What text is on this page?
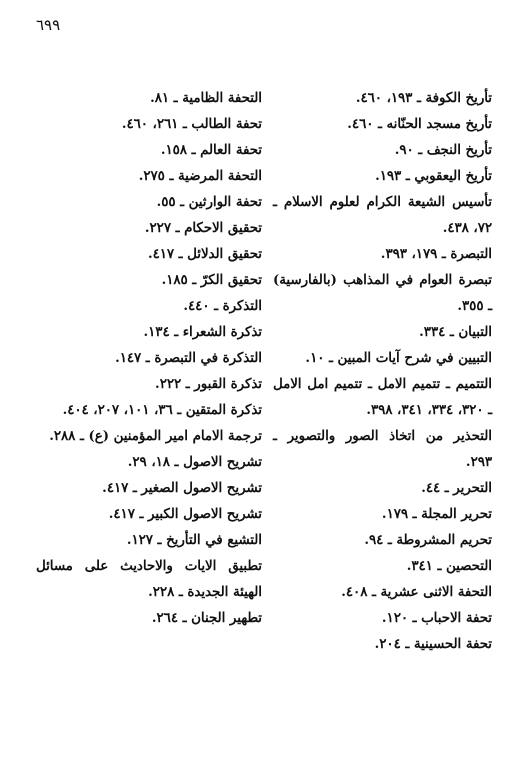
٦٩٩
تأريخ الكوفة ـ ١٩٣، ٤٦٠.
تأريخ مسجد الحنّانه ـ ٤٦٠.
تأريخ النجف ـ ٩٠.
تأريخ اليعقوبي ـ ١٩٣.
تأسيس الشيعة الكرام لعلوم الاسلام ـ ٧٢، ٤٣٨.
التبصرة ـ ١٧٩، ٣٩٣.
تبصرة العوام في المذاهب (بالفارسية) ـ ٣٥٥.
التبيان ـ ٣٣٤.
التبيين في شرح آيات المبين ـ ١٠.
التتميم ـ تتميم الامل ـ تتميم امل الامل ـ ٣٢٠، ٣٣٤، ٣٤١، ٣٩٨.
التحذير من اتخاذ الصور والتصوير ـ ٢٩٣.
التحرير ـ ٤٤.
تحرير المجلة ـ ١٧٩.
تحريم المشروطة ـ ٩٤.
التحصين ـ ٣٤١.
التحفة الاثنى عشرية ـ ٤٠٨.
تحفة الاحباب ـ ١٢٠.
تحفة الحسينية ـ ٢٠٤.
التحفة الظامية ـ ٨١.
تحفة الطالب ـ ٢٦١، ٤٦٠.
تحفة العالم ـ ١٥٨.
التحفة المرضية ـ ٢٧٥.
تحفة الوارثين ـ ٥٥.
تحقيق الاحكام ـ ٢٢٧.
تحقيق الدلائل ـ ٤١٧.
تحقيق الكرّ ـ ١٨٥.
التذكرة ـ ٤٤٠.
تذكرة الشعراء ـ ١٣٤.
التذكرة في التبصرة ـ ١٤٧.
تذكرة القبور ـ ٢٢٢.
تذكرة المتقين ـ ٣٦، ١٠١، ٢٠٧، ٤٠٤.
ترجمة الامام امير المؤمنين (ع) ـ ٢٨٨.
تشريح الاصول ـ ١٨، ٢٩.
تشريح الاصول الصغير ـ ٤١٧.
تشريح الاصول الكبير ـ ٤١٧.
التشيع في التأريخ ـ ١٢٧.
تطبيق الايات والاحاديث على مسائل الهيئة الجديدة ـ ٢٢٨.
تطهير الجنان ـ ٢٦٤.
